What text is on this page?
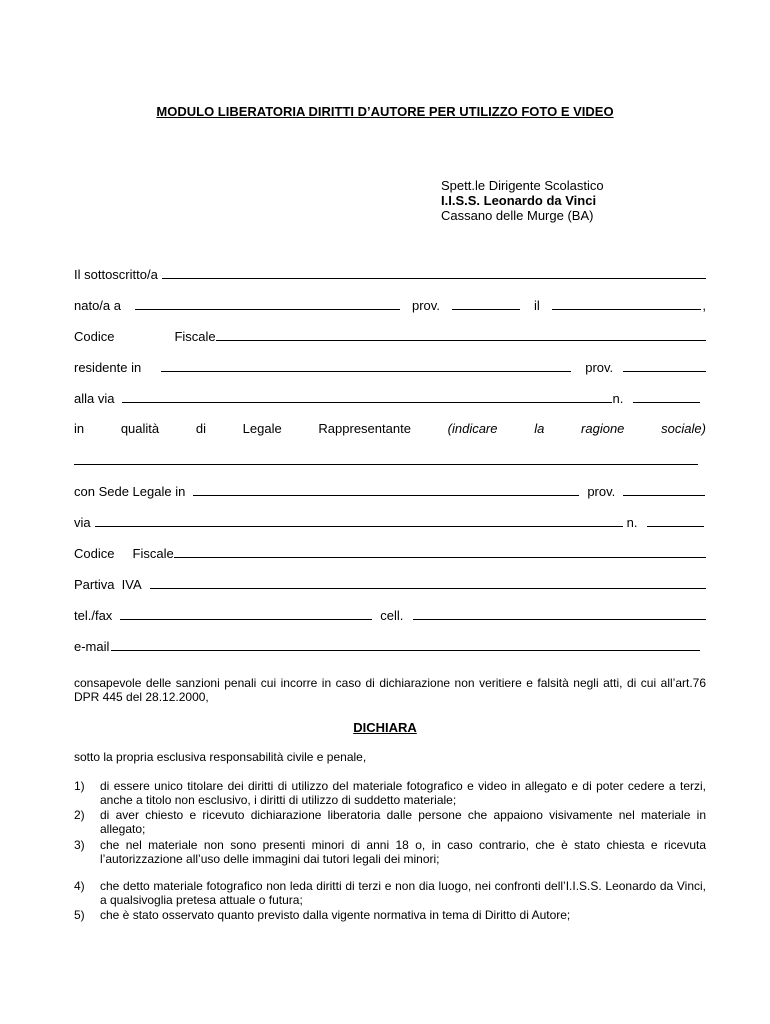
MODULO LIBERATORIA DIRITTI D’AUTORE PER UTILIZZO FOTO E VIDEO
Spett.le Dirigente Scolastico
I.I.S.S. Leonardo da Vinci
Cassano delle Murge (BA)
Il sottoscritto/a
nato/a a	prov.	il	,
Codice	Fiscale
residente in	prov.
alla via	n.
in	qualità	di	Legale	Rappresentante	(indicare	la	ragione	sociale)
con Sede Legale in	prov.
via	n.
Codice     Fiscale
Partiva  IVA
tel./fax	cell.
e-mail
consapevole delle sanzioni penali cui incorre in caso di dichiarazione non veritiere e falsità negli atti, di cui all’art.76 DPR 445 del 28.12.2000,
DICHIARA
sotto la propria esclusiva responsabilità civile e penale,
1)	di essere unico titolare dei diritti di utilizzo del materiale fotografico e video in allegato e di poter cedere a terzi, anche a titolo non esclusivo, i diritti di utilizzo di suddetto materiale;
2)	di aver chiesto e ricevuto dichiarazione liberatoria dalle persone che appaiono visivamente nel materiale in allegato;
3)	che nel materiale non sono presenti minori di anni 18 o, in caso contrario, che è stato chiesta e ricevuta l’autorizzazione all’uso delle immagini dai tutori legali dei minori;
4)	che detto materiale fotografico non leda diritti di terzi e non dia luogo, nei confronti dell’I.I.S.S. Leonardo da Vinci, a qualsivoglia pretesa attuale o futura;
5)	che è stato osservato quanto previsto dalla vigente normativa in tema di Diritto di Autore;
